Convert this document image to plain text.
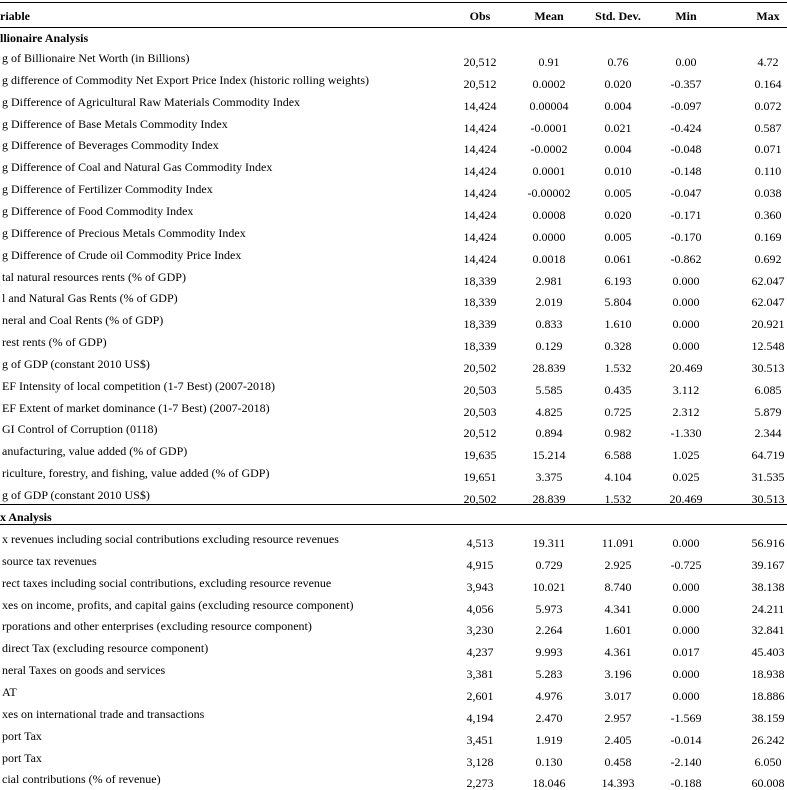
riable	Obs	Mean	Std. Dev.	Min	Max
llionaire Analysis
g of Billionaire Net Worth (in Billions)	20,512	0.91	0.76	0.00	4.72
g difference of Commodity Net Export Price Index (historic rolling weights)	20,512	0.0002	0.020	-0.357	0.164
g Difference of Agricultural Raw Materials Commodity Index	14,424	0.00004	0.004	-0.097	0.072
g Difference of Base Metals Commodity Index	14,424	-0.0001	0.021	-0.424	0.587
g Difference of Beverages Commodity Index	14,424	-0.0002	0.004	-0.048	0.071
g Difference of Coal and Natural Gas Commodity Index	14,424	0.0001	0.010	-0.148	0.110
g Difference of Fertilizer Commodity Index	14,424	-0.00002	0.005	-0.047	0.038
g Difference of Food Commodity Index	14,424	0.0008	0.020	-0.171	0.360
g Difference of Precious Metals Commodity Index	14,424	0.0000	0.005	-0.170	0.169
g Difference of Crude oil Commodity Price Index	14,424	0.0018	0.061	-0.862	0.692
tal natural resources rents (% of GDP)	18,339	2.981	6.193	0.000	62.047
l and Natural Gas Rents (% of GDP)	18,339	2.019	5.804	0.000	62.047
neral and Coal Rents (% of GDP)	18,339	0.833	1.610	0.000	20.921
rest rents (% of GDP)	18,339	0.129	0.328	0.000	12.548
g of GDP (constant 2010 US$)	20,502	28.839	1.532	20.469	30.513
EF Intensity of local competition (1-7 Best) (2007-2018)	20,503	5.585	0.435	3.112	6.085
EF Extent of market dominance (1-7 Best) (2007-2018)	20,503	4.825	0.725	2.312	5.879
GI Control of Corruption (0118)	20,512	0.894	0.982	-1.330	2.344
anufacturing, value added (% of GDP)	19,635	15.214	6.588	1.025	64.719
riculture, forestry, and fishing, value added (% of GDP)	19,651	3.375	4.104	0.025	31.535
g of GDP (constant 2010 US$)	20,502	28.839	1.532	20.469	30.513
x Analysis
x revenues including social contributions excluding resource revenues	4,513	19.311	11.091	0.000	56.916
source tax revenues	4,915	0.729	2.925	-0.725	39.167
rect taxes including social contributions, excluding resource revenue	3,943	10.021	8.740	0.000	38.138
xes on income, profits, and capital gains (excluding resource component)	4,056	5.973	4.341	0.000	24.211
rporations and other enterprises (excluding resource component)	3,230	2.264	1.601	0.000	32.841
direct Tax (excluding resource component)	4,237	9.993	4.361	0.017	45.403
neral Taxes on goods and services	3,381	5.283	3.196	0.000	18.938
AT	2,601	4.976	3.017	0.000	18.886
xes on international trade and transactions	4,194	2.470	2.957	-1.569	38.159
port Tax	3,451	1.919	2.405	-0.014	26.242
port Tax	3,128	0.130	0.458	-2.140	6.050
cial contributions (% of revenue)	2,273	18.046	14.393	-0.188	60.008
